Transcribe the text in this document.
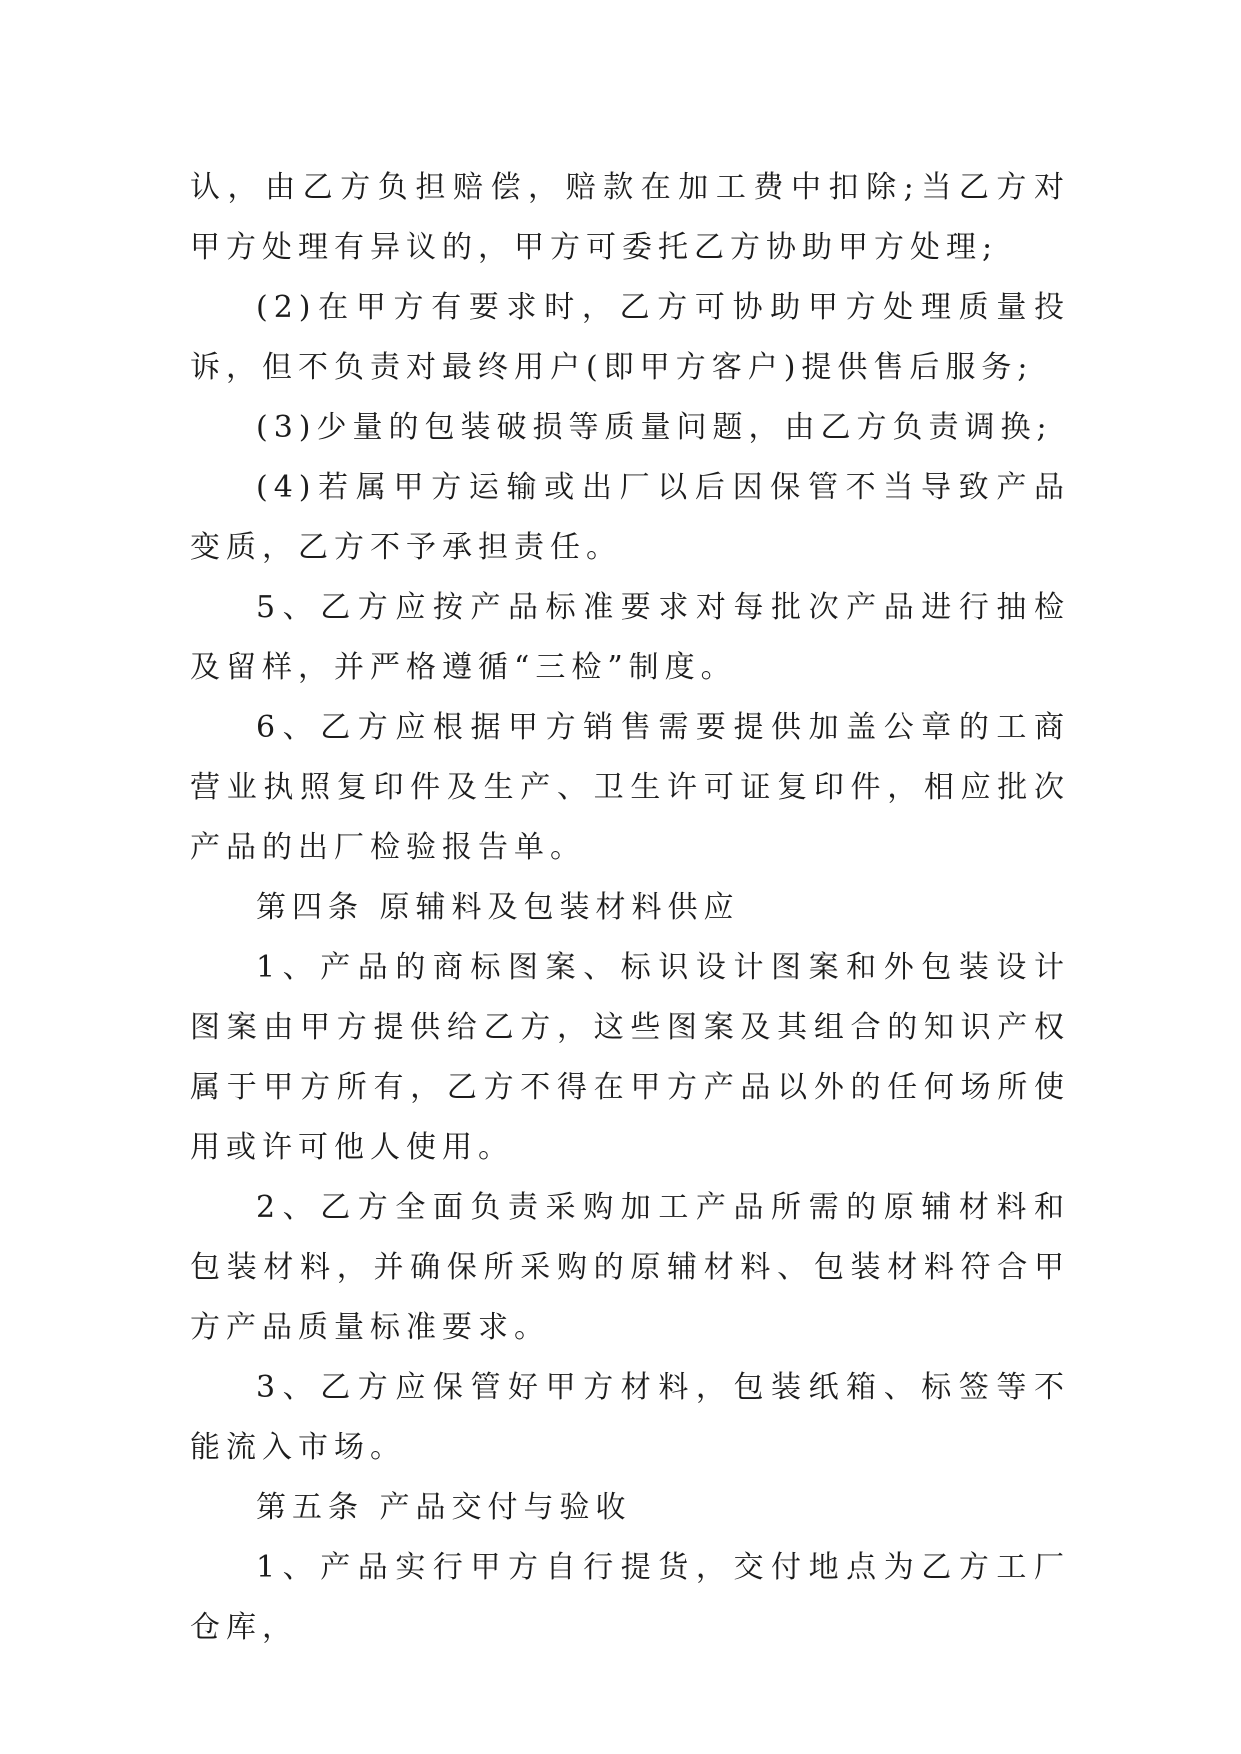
认，由乙方负担赔偿，赔款在加工费中扣除;当乙方对甲方处理有异议的，甲方可委托乙方协助甲方处理;

(2)在甲方有要求时，乙方可协助甲方处理质量投诉，但不负责对最终用户(即甲方客户)提供售后服务;

(3)少量的包装破损等质量问题，由乙方负责调换;

(4)若属甲方运输或出厂以后因保管不当导致产品变质，乙方不予承担责任。

5、乙方应按产品标准要求对每批次产品进行抽检及留样，并严格遵循“三检”制度。

6、乙方应根据甲方销售需要提供加盖公章的工商营业执照复印件及生产、卫生许可证复印件，相应批次产品的出厂检验报告单。

第四条 原辅料及包装材料供应

1、产品的商标图案、标识设计图案和外包装设计图案由甲方提供给乙方，这些图案及其组合的知识产权属于甲方所有，乙方不得在甲方产品以外的任何场所使用或许可他人使用。

2、乙方全面负责采购加工产品所需的原辅材料和包装材料，并确保所采购的原辅材料、包装材料符合甲方产品质量标准要求。

3、乙方应保管好甲方材料，包装纸箱、标签等不能流入市场。

第五条 产品交付与验收

1、产品实行甲方自行提货，交付地点为乙方工厂仓库，
